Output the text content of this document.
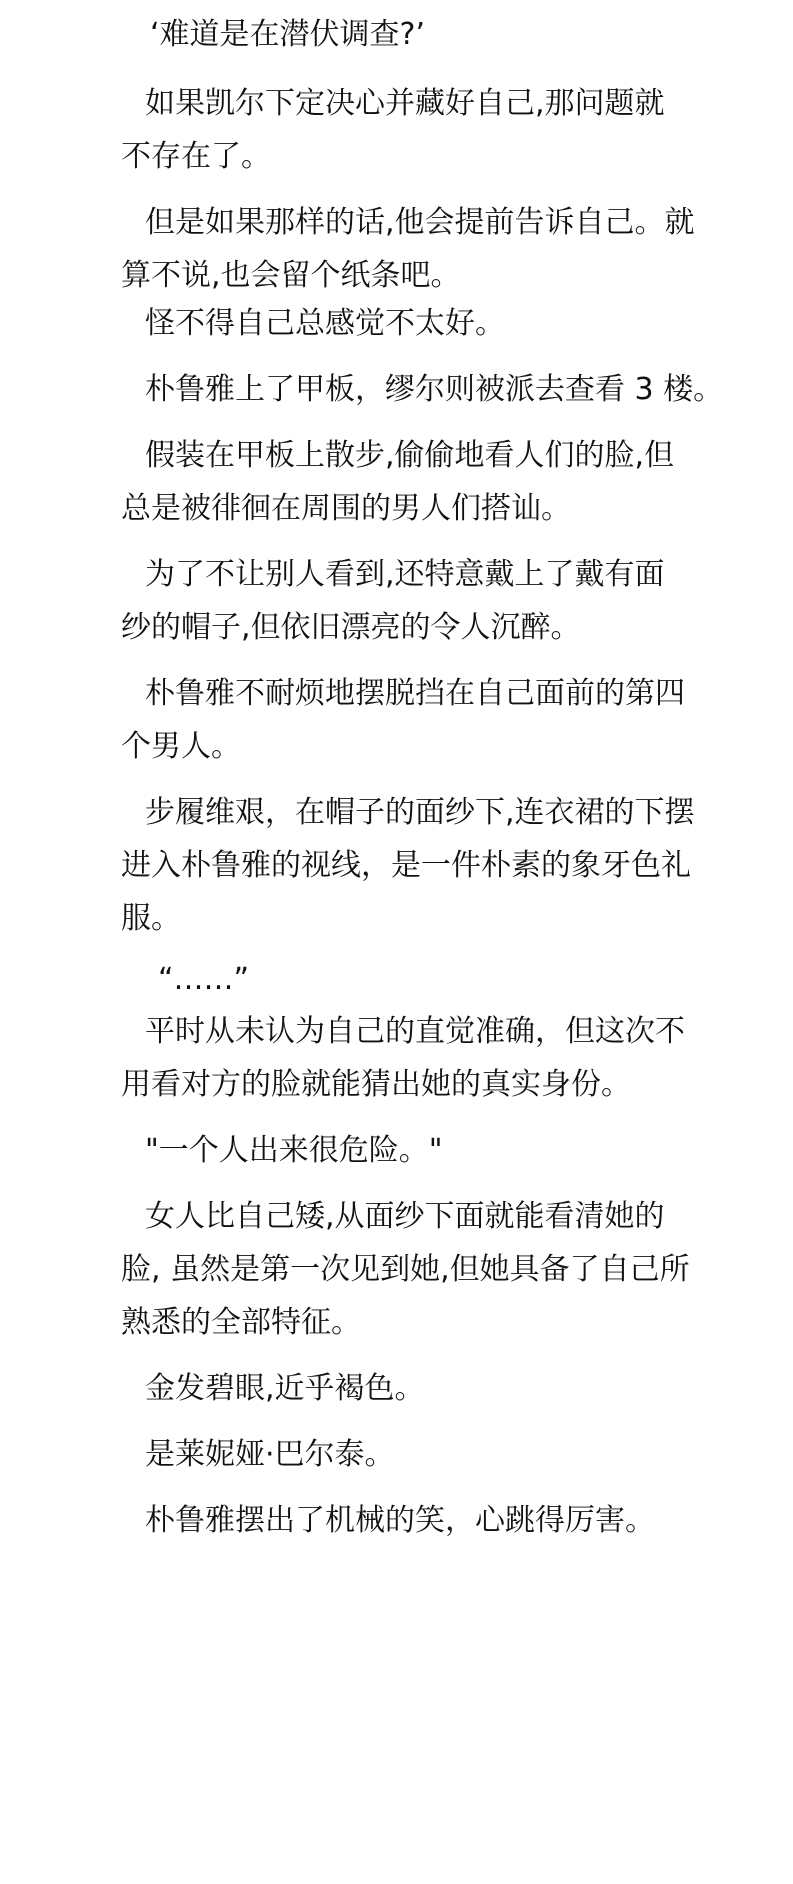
‘难道是在潜伏调查?’

如果凯尔下定决心并藏好自己,那问题就

不存在了。

但是如果那样的话,他会提前告诉自己。就

算不说,也会留个纸条吧。

怪不得自己总感觉不太好。

朴鲁雅上了甲板，缪尔则被派去查看 3 楼。

假装在甲板上散步,偷偷地看人们的脸,但

总是被徘徊在周围的男人们搭讪。

为了不让别人看到,还特意戴上了戴有面

纱的帽子,但依旧漂亮的令人沉醉。

朴鲁雅不耐烦地摆脱挡在自己面前的第四

个男人。

步履维艰，在帽子的面纱下,连衣裙的下摆

进入朴鲁雅的视线，是一件朴素的象牙色礼

服。

“……”

平时从未认为自己的直觉准确，但这次不

用看对方的脸就能猜出她的真实身份。

"一个人出来很危险。"

女人比自己矮,从面纱下面就能看清她的

脸, 虽然是第一次见到她,但她具备了自己所

熟悉的全部特征。

金发碧眼,近乎褐色。

是莱妮娅·巴尔泰。

朴鲁雅摆出了机械的笑，心跳得厉害。
